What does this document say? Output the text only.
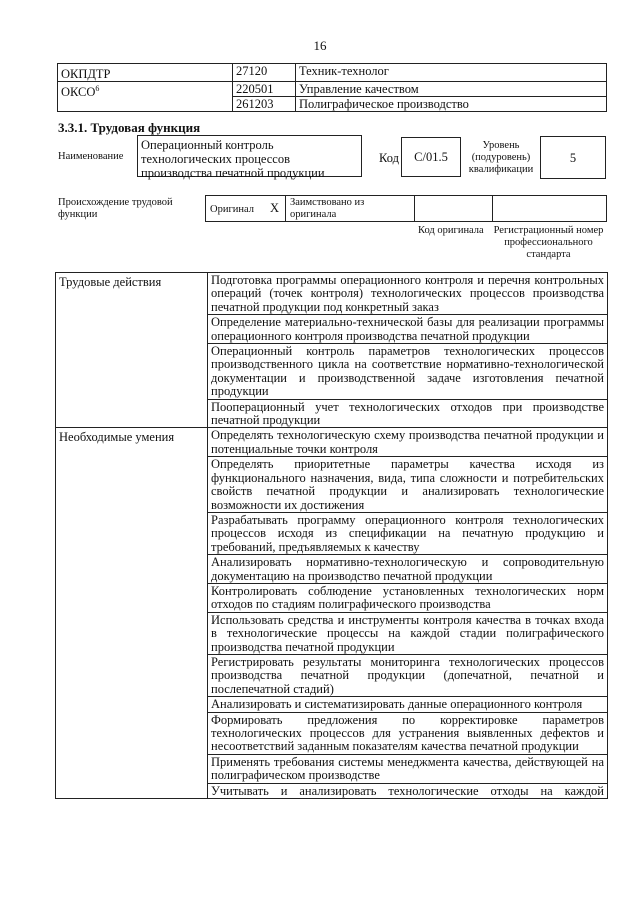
16
ОКПДТР	27120	Техник-технолог
ОКСО$^6$	220501	Управление качеством
	261203	Полиграфическое производство
3.3.1. Трудовая функция
Наименование
Операционный контроль технологических процессов производства печатной продукции
Код	С/01.5
Уровень (подуровень) квалификации
5
Происхождение трудовой функции	Оригинал X Заимствовано из оригинала
Код оригинала Регистрационный номер профессионального стандарта
Трудовые действия	Подготовка программы операционного контроля и перечня контрольных операций (точек контроля) технологических процессов производства печатной продукции под конкретный заказ
	Определение материально-технической базы для реализации программы операционного контроля производства печатной продукции
	Операционный контроль параметров технологических процессов производственного цикла на соответствие нормативно-технологической документации и производственной задаче изготовления печатной продукции
	Пооперационный учет технологических отходов при производстве печатной продукции
Необходимые умения	Определять технологическую схему производства печатной продукции и потенциальные точки контроля
	Определять приоритетные параметры качества исходя из функционального назначения, вида, типа сложности и потребительских свойств печатной продукции и анализировать технологические возможности их достижения
	Разрабатывать программу операционного контроля технологических процессов исходя из спецификации на печатную продукцию и требований, предъявляемых к качеству
	Анализировать нормативно-технологическую и сопроводительную документацию на производство печатной продукции
	Контролировать соблюдение установленных технологических норм отходов по стадиям полиграфического производства
	Использовать средства и инструменты контроля качества в точках входа в технологические процессы на каждой стадии полиграфического производства печатной продукции
	Регистрировать результаты мониторинга технологических процессов производства печатной продукции (допечатной, печатной и послепечатной стадий)
	Анализировать и систематизировать данные операционного контроля
	Формировать предложения по корректировке параметров технологических процессов для устранения выявленных дефектов и несоответствий заданным показателям качества печатной продукции
	Применять требования системы менеджмента качества, действующей на полиграфическом производстве
	Учитывать и анализировать технологические отходы на каждой
